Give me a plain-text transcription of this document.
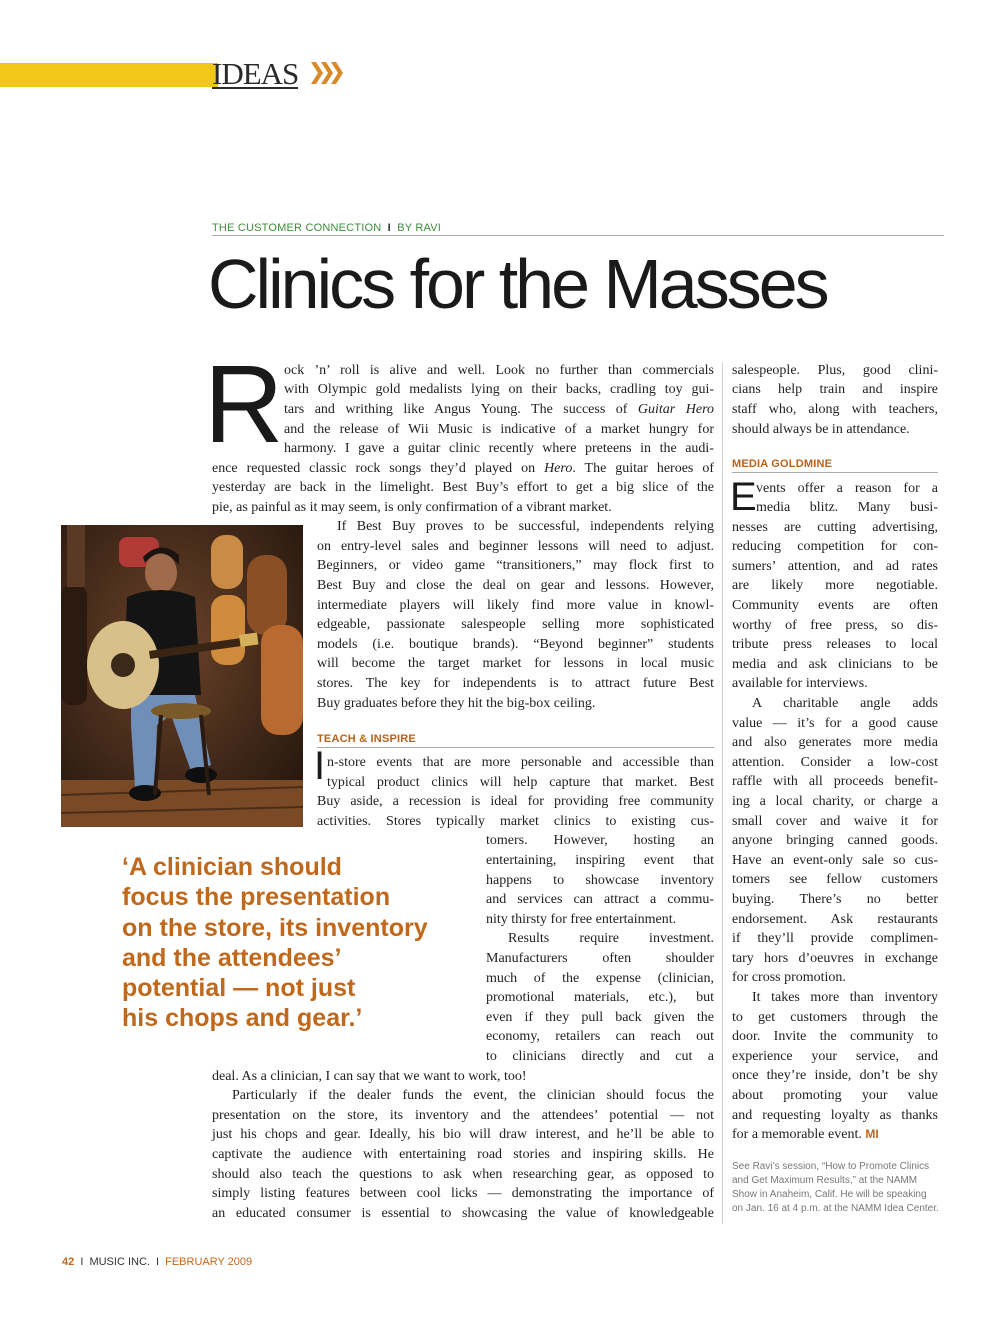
IDEAS
THE CUSTOMER CONNECTION I BY RAVI
Clinics for the Masses
R ock ’n’ roll is alive and well. Look no further than commercials
with Olympic gold medalists lying on their backs, cradling toy gui-
tars and writhing like Angus Young. The success of Guitar Hero
and the release of Wii Music is indicative of a market hungry for
harmony. I gave a guitar clinic recently where preteens in the audi-
ence requested classic rock songs they’d played on Hero. The guitar heroes of
yesterday are back in the limelight. Best Buy’s effort to get a big slice of the
pie, as painful as it may seem, is only confirmation of a vibrant market.
If Best Buy proves to be successful, independents relying
on entry-level sales and beginner lessons will need to adjust.
Beginners, or video game “transitioners,” may flock first to
Best Buy and close the deal on gear and lessons. However,
intermediate players will likely find more value in knowl-
edgeable, passionate salespeople selling more sophisticated
models (i.e. boutique brands). “Beyond beginner” students
will become the target market for lessons in local music
stores. The key for independents is to attract future Best
Buy graduates before they hit the big-box ceiling.
TEACH & INSPIRE
I n-store events that are more personable and accessible than
typical product clinics will help capture that market. Best
Buy aside, a recession is ideal for providing free community
activities. Stores typically market clinics to existing cus-
tomers. However, hosting an
entertaining, inspiring event that
happens to showcase inventory
and services can attract a commu-
nity thirsty for free entertainment.
Results require investment.
Manufacturers often shoulder
much of the expense (clinician,
promotional materials, etc.), but
even if they pull back given the
economy, retailers can reach out
to clinicians directly and cut a
deal. As a clinician, I can say that we want to work, too!
Particularly if the dealer funds the event, the clinician should focus the
presentation on the store, its inventory and the attendees’ potential — not
just his chops and gear. Ideally, his bio will draw interest, and he’ll be able to
captivate the audience with entertaining road stories and inspiring skills. He
should also teach the questions to ask when researching gear, as opposed to
simply listing features between cool licks — demonstrating the importance of
an educated consumer is essential to showcasing the value of knowledgeable
‘A clinician should
focus the presentation
on the store, its inventory
and the attendees’
potential — not just
his chops and gear.’
salespeople. Plus, good clini-
cians help train and inspire
staff who, along with teachers,
should always be in attendance.
MEDIA GOLDMINE
E vents offer a reason for a
media blitz. Many busi-
nesses are cutting advertising,
reducing competition for con-
sumers’ attention, and ad rates
are likely more negotiable.
Community events are often
worthy of free press, so dis-
tribute press releases to local
media and ask clinicians to be
available for interviews.
A charitable angle adds
value — it’s for a good cause
and also generates more media
attention. Consider a low-cost
raffle with all proceeds benefit-
ing a local charity, or charge a
small cover and waive it for
anyone bringing canned goods.
Have an event-only sale so cus-
tomers see fellow customers
buying. There’s no better
endorsement. Ask restaurants
if they’ll provide complimen-
tary hors d’oeuvres in exchange
for cross promotion.
It takes more than inventory
to get customers through the
door. Invite the community to
experience your service, and
once they’re inside, don’t be shy
about promoting your value
and requesting loyalty as thanks
for a memorable event. MI
See Ravi’s session, “How to Promote Clinics
and Get Maximum Results,” at the NAMM
Show in Anaheim, Calif. He will be speaking
on Jan. 16 at 4 p.m. at the NAMM Idea Center.
42 I MUSIC INC. I FEBRUARY 2009
